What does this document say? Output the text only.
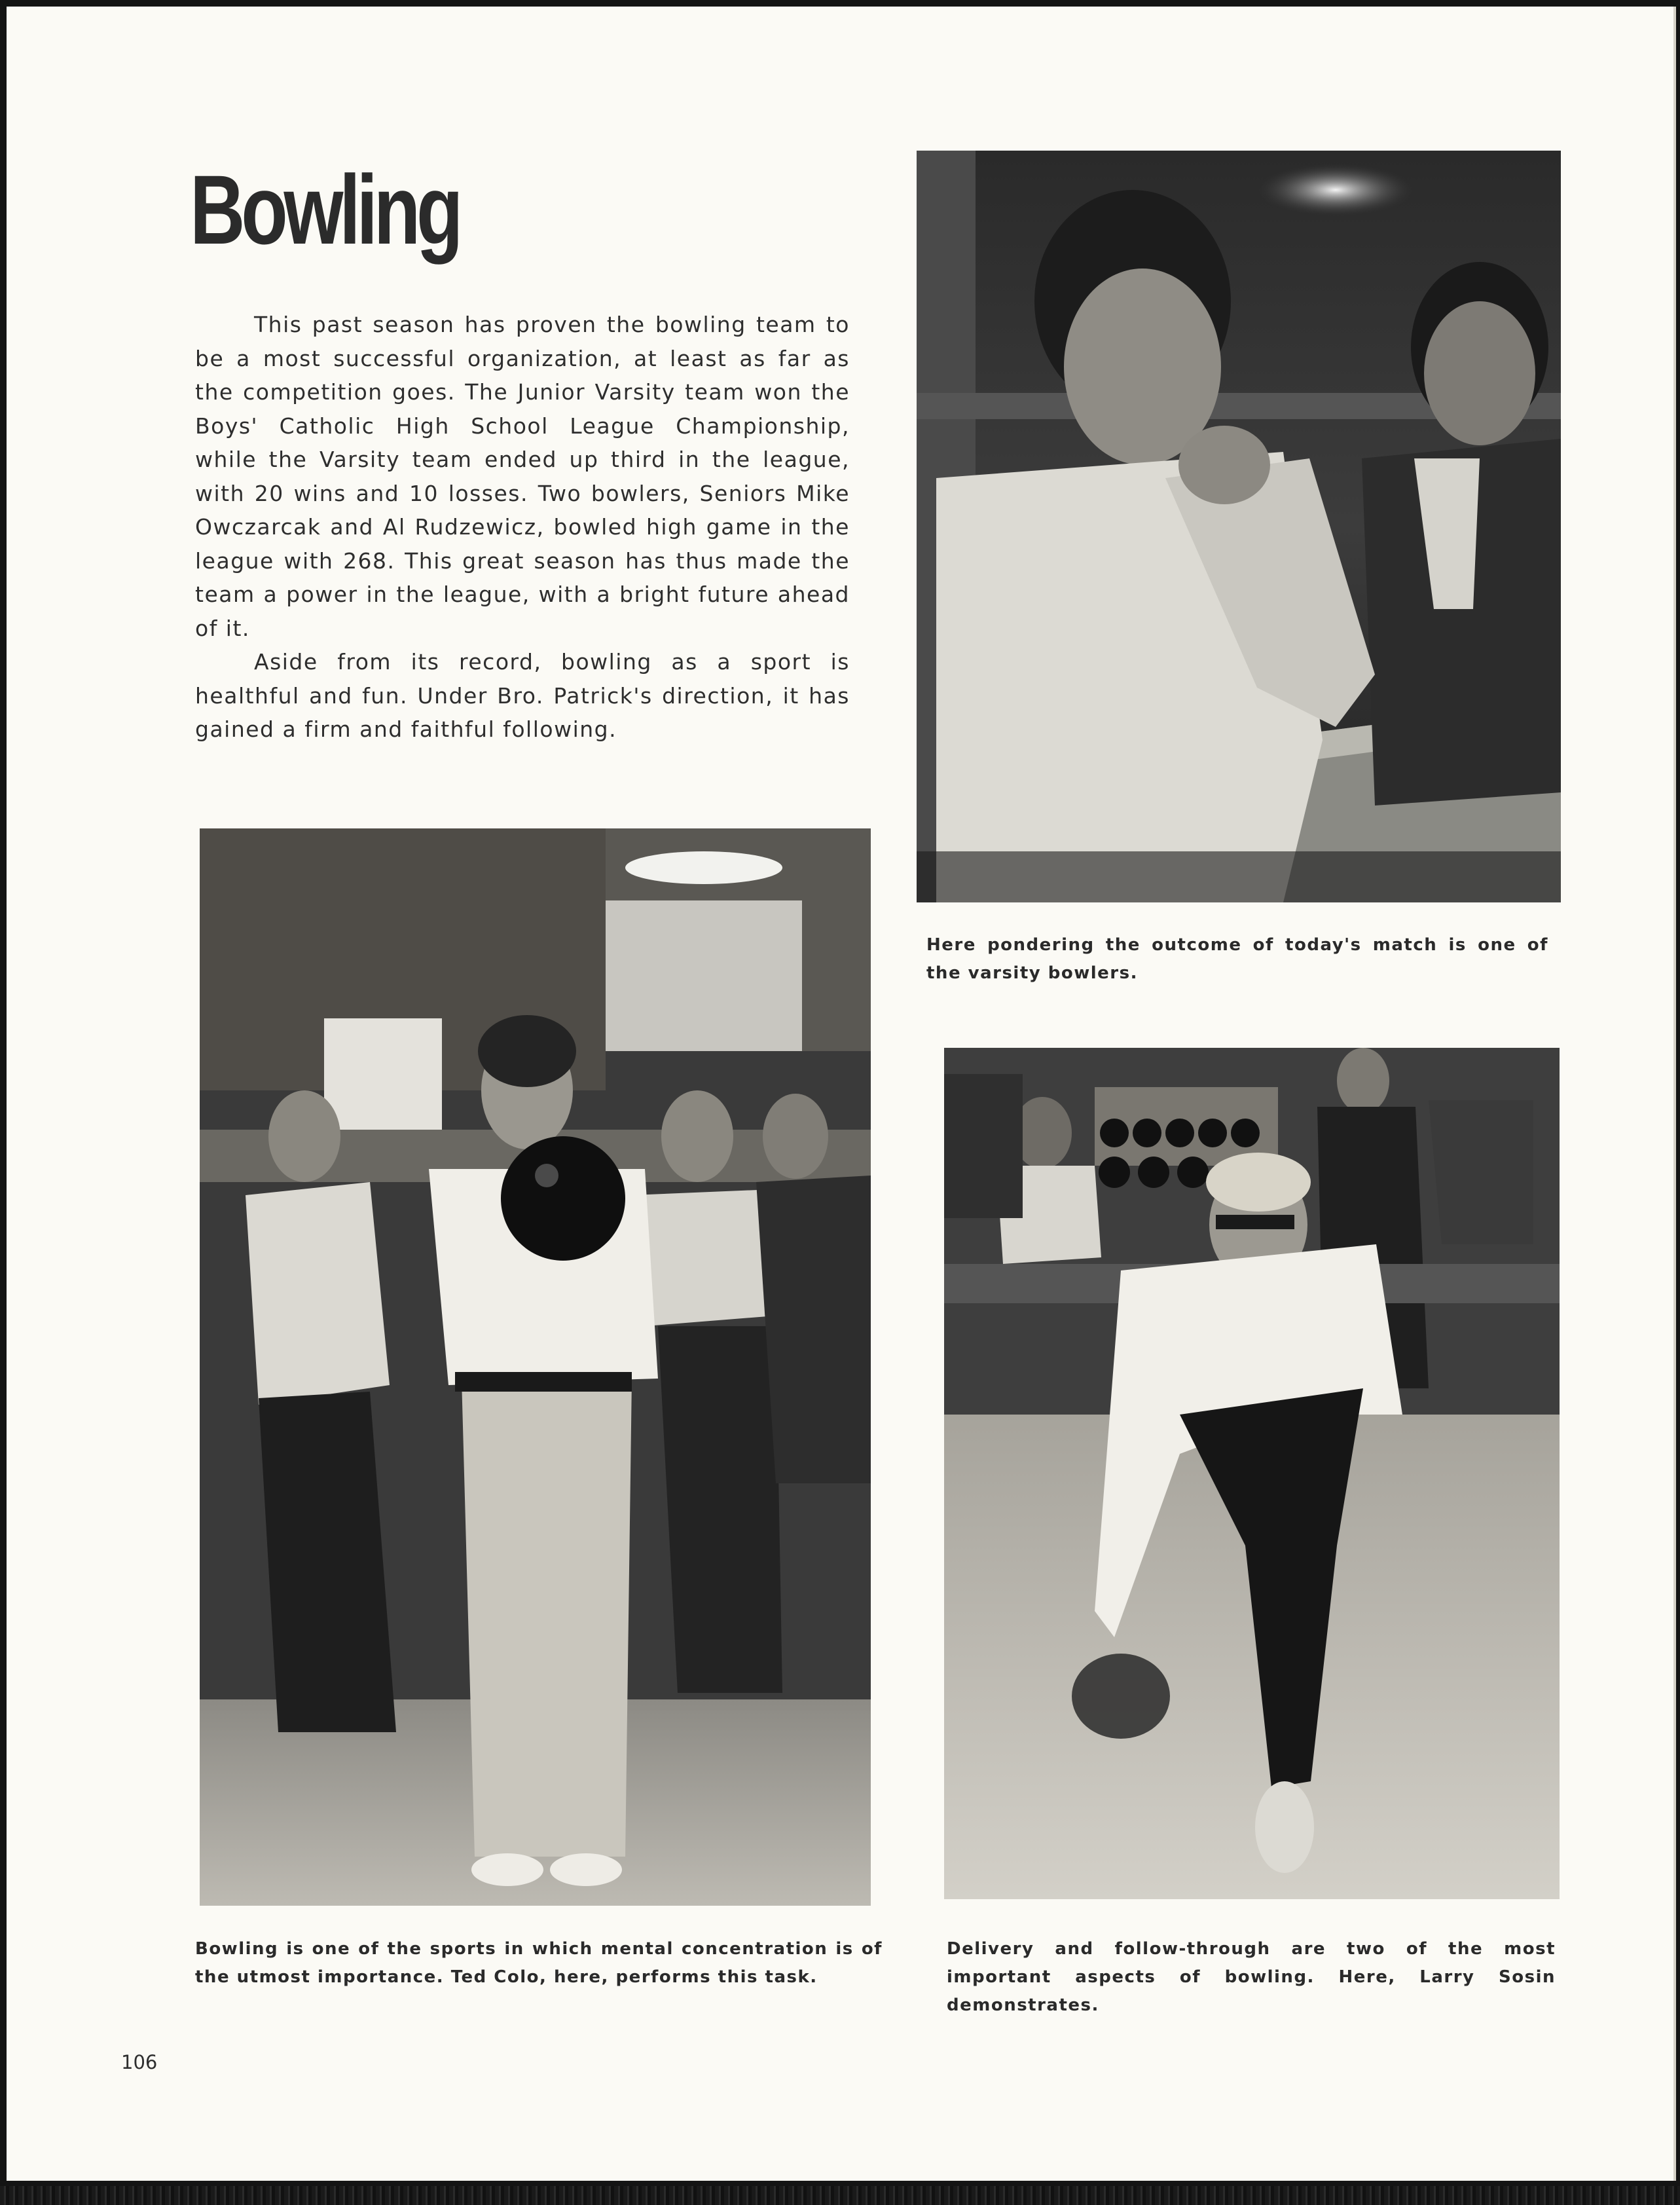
Bowling

This past season has proven the bowling team to be a most successful organization, at least as far as the competition goes. The Junior Varsity team won the Boys' Catholic High School League Championship, while the Varsity team ended up third in the league, with 20 wins and 10 losses. Two bowlers, Seniors Mike Owczarcak and Al Rudzewicz, bowled high game in the league with 268. This great season has thus made the team a power in the league, with a bright future ahead of it.

Aside from its record, bowling as a sport is healthful and fun. Under Bro. Patrick's direction, it has gained a firm and faithful following.

Here pondering the outcome of today's match is one of the varsity bowlers.

Bowling is one of the sports in which mental concentration is of the utmost importance. Ted Colo, here, performs this task.

Delivery and follow-through are two of the most important aspects of bowling. Here, Larry Sosin demonstrates.

106
